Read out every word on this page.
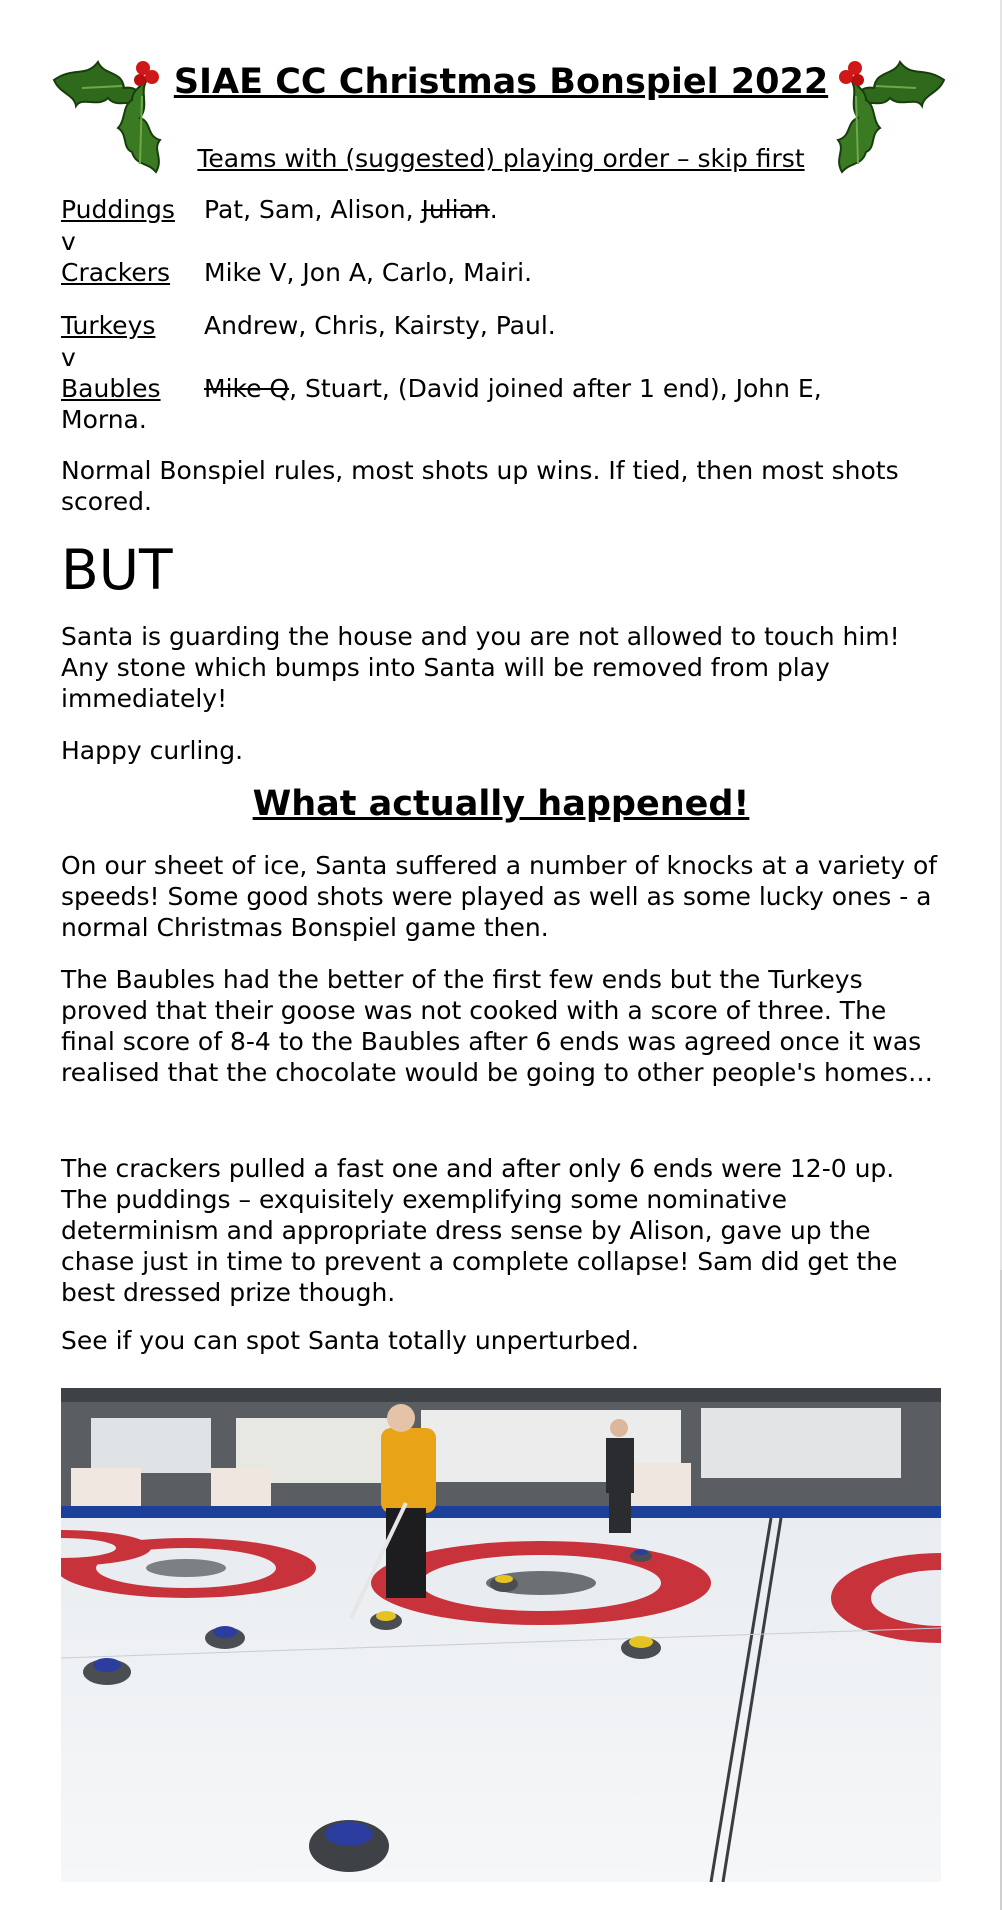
SIAE CC Christmas Bonspiel 2022
Teams with (suggested) playing order – skip first
Puddings Pat, Sam, Alison, Julian.
v
Crackers Mike V, Jon A, Carlo, Mairi.
Turkeys Andrew, Chris, Kairsty, Paul.
v
Baubles Mike Q, Stuart, (David joined after 1 end), John E,
Morna.
Normal Bonspiel rules, most shots up wins. If tied, then most shots scored.
BUT
Santa is guarding the house and you are not allowed to touch him! Any stone which bumps into Santa will be removed from play immediately!
Happy curling.
What actually happened!
On our sheet of ice, Santa suffered a number of knocks at a variety of speeds! Some good shots were played as well as some lucky ones - a normal Christmas Bonspiel game then.
The Baubles had the better of the first few ends but the Turkeys proved that their goose was not cooked with a score of three. The final score of 8-4 to the Baubles after 6 ends was agreed once it was realised that the chocolate would be going to other people's homes…
The crackers pulled a fast one and after only 6 ends were 12-0 up. The puddings – exquisitely exemplifying some nominative determinism and appropriate dress sense by Alison, gave up the chase just in time to prevent a complete collapse! Sam did get the best dressed prize though.
See if you can spot Santa totally unperturbed.
